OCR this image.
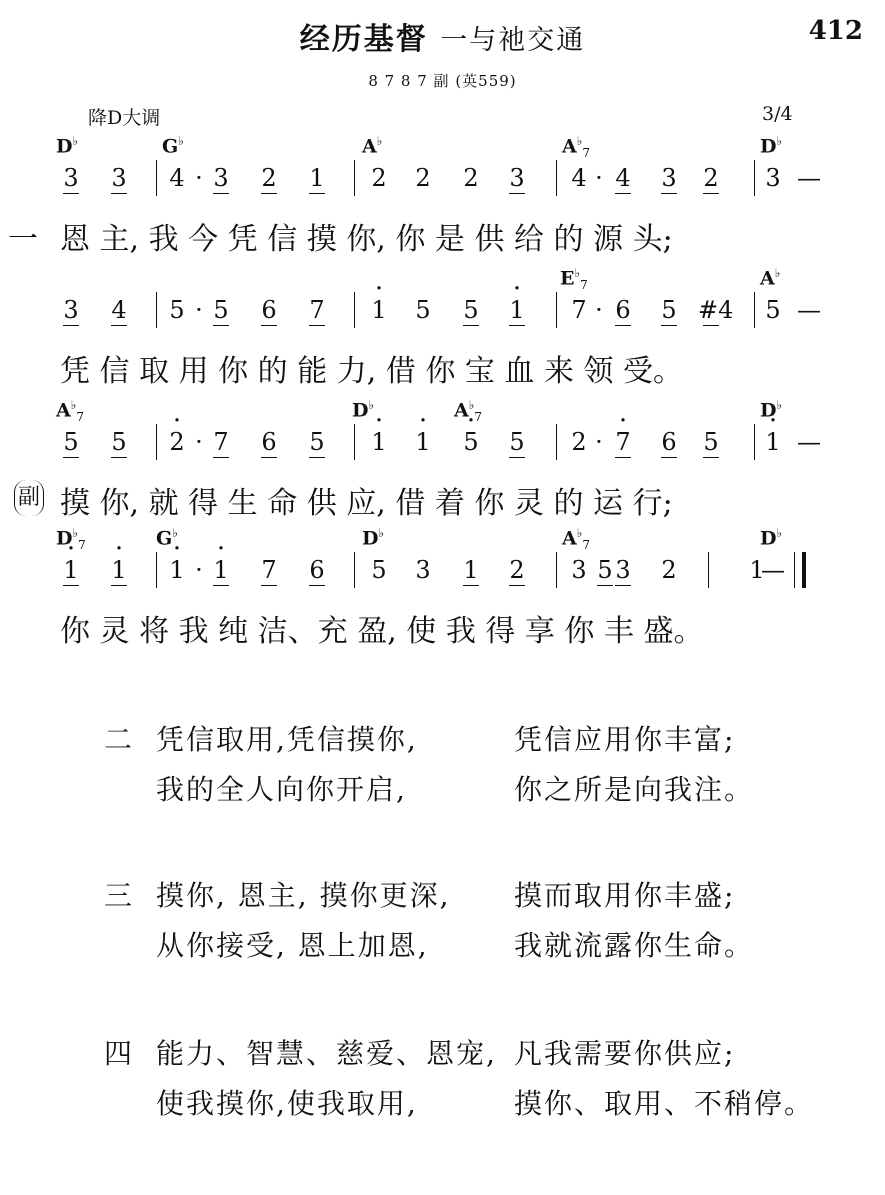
经历基督 一与祂交通	412
8 7 8 7 副 (英559)
降D大调	3/4
D♭	G♭	A♭	$A^♭_7$	D♭
3 3 4 · 3 2 1 2 2 2 3 4 · 4 3 2 3 —
恩 主, 我 今 凭 信 摸 你, 你 是 供 给 的 源 头;
一
$E^♭_7$	A♭
3 4 5 · 5 6 7 · 1 5 5 · 1 7 · 6 5 #4 5 —
凭 信 取 用 你 的 能 力, 借 你 宝 血 来 领 受。
$A^♭_7$	D♭	$A^♭_7$	D♭
5 5 · 2 · 7 6 5 · 1 · 1 · 5 5 2 · · 7 6 5 · 1 —
摸 你, 就 得 生 命 供 应, 借 着 你 灵 的 运 行;
副
$D^♭_7$	G♭	D♭	$A^♭_7$	D♭
· 1 · 1 · 1 · · 1 7 6 5 3 1 2 3 5 3 2	1
—
你 灵 将 我 纯 洁、充 盈, 使 我 得 享 你 丰 盛。
二 凭信取用,凭信摸你,	凭信应用你丰富;
我的全人向你开启,	你之所是向我注。
三 摸你, 恩主, 摸你更深, 摸而取用你丰盛;
从你接受, 恩上加恩,	我就流露你生命。
四 能力、智慧、慈爱、恩宠, 凡我需要你供应;
使我摸你,使我取用,	摸你、取用、不稍停。
